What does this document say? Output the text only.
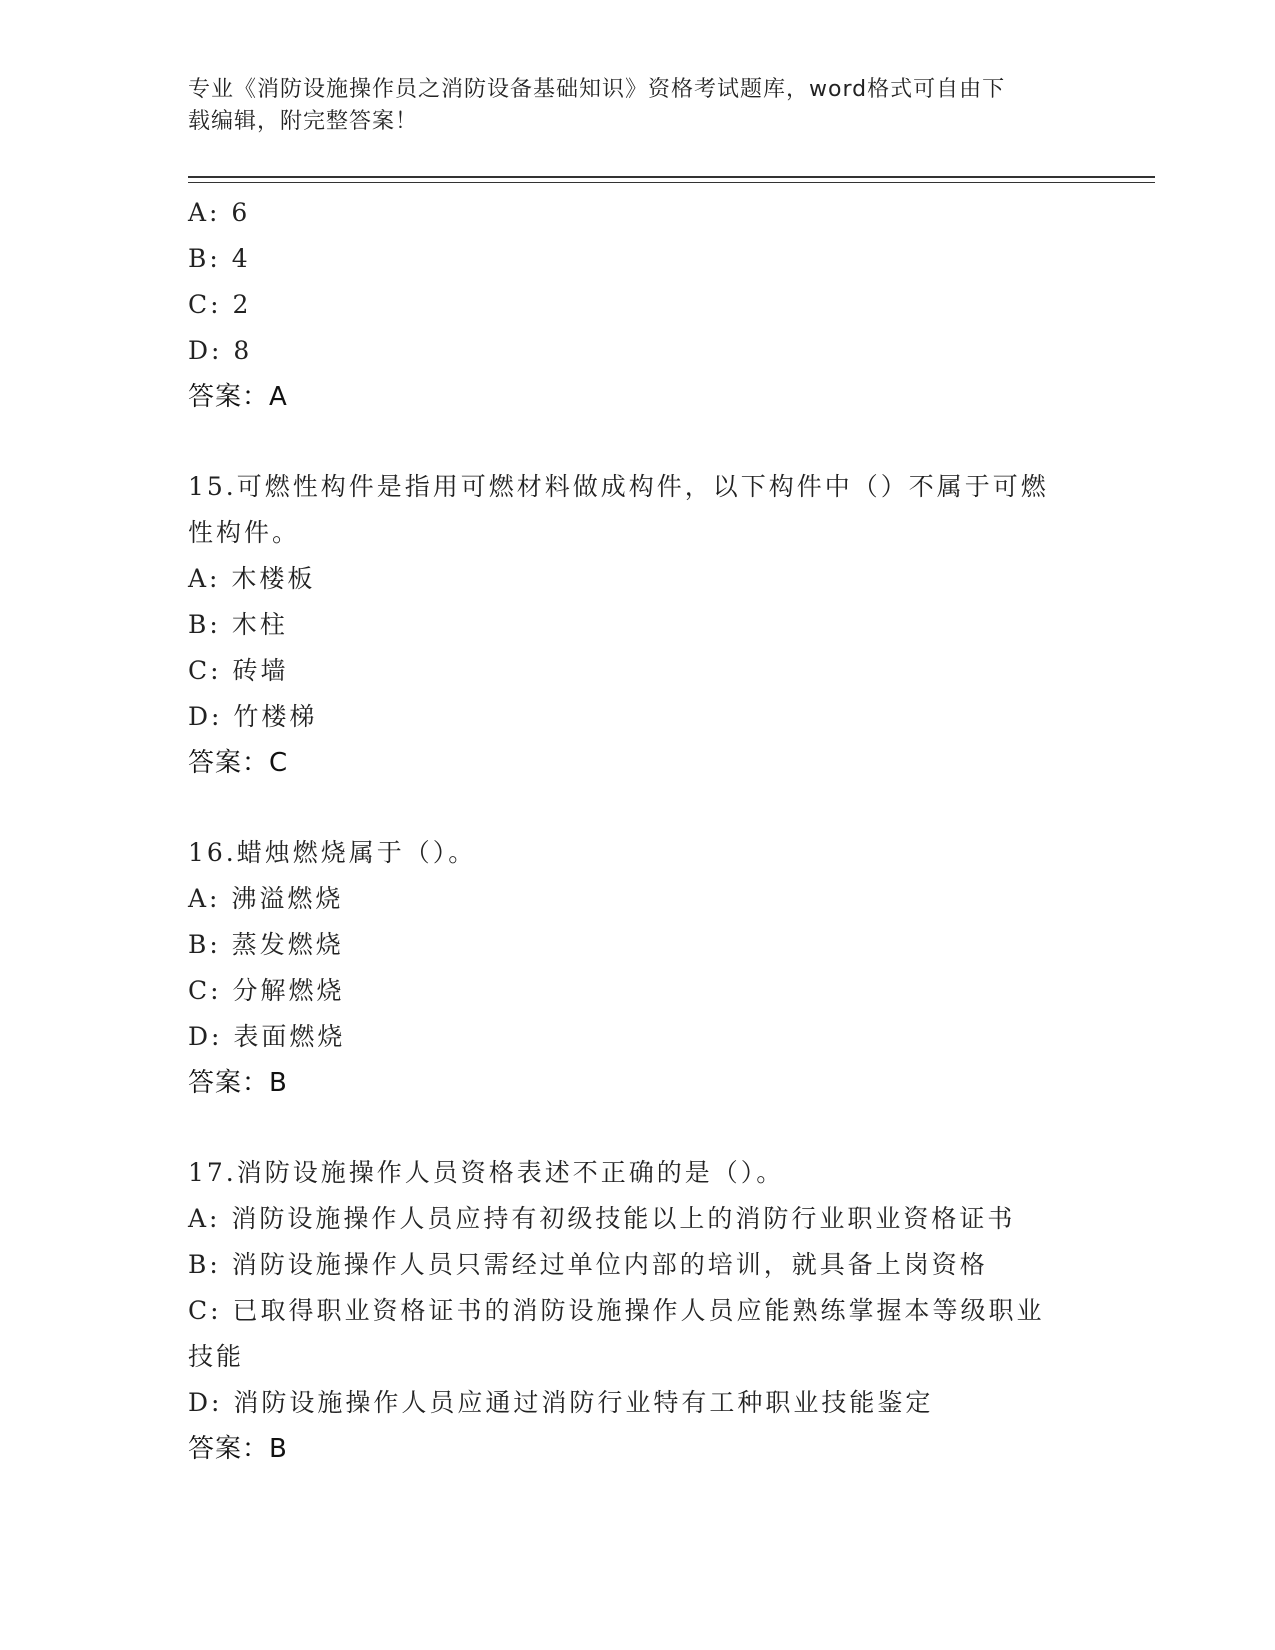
专业《消防设施操作员之消防设备基础知识》资格考试题库，word格式可自由下
载编辑，附完整答案！
A: 6
B: 4
C: 2
D: 8
答案：A
15.可燃性构件是指用可燃材料做成构件，以下构件中（）不属于可燃
性构件。
A: 木楼板
B: 木柱
C: 砖墙
D: 竹楼梯
答案：C
16.蜡烛燃烧属于（）。
A: 沸溢燃烧
B: 蒸发燃烧
C: 分解燃烧
D: 表面燃烧
答案：B
17.消防设施操作人员资格表述不正确的是（）。
A: 消防设施操作人员应持有初级技能以上的消防行业职业资格证书
B: 消防设施操作人员只需经过单位内部的培训，就具备上岗资格
C: 已取得职业资格证书的消防设施操作人员应能熟练掌握本等级职业
技能
D: 消防设施操作人员应通过消防行业特有工种职业技能鉴定
答案：B
